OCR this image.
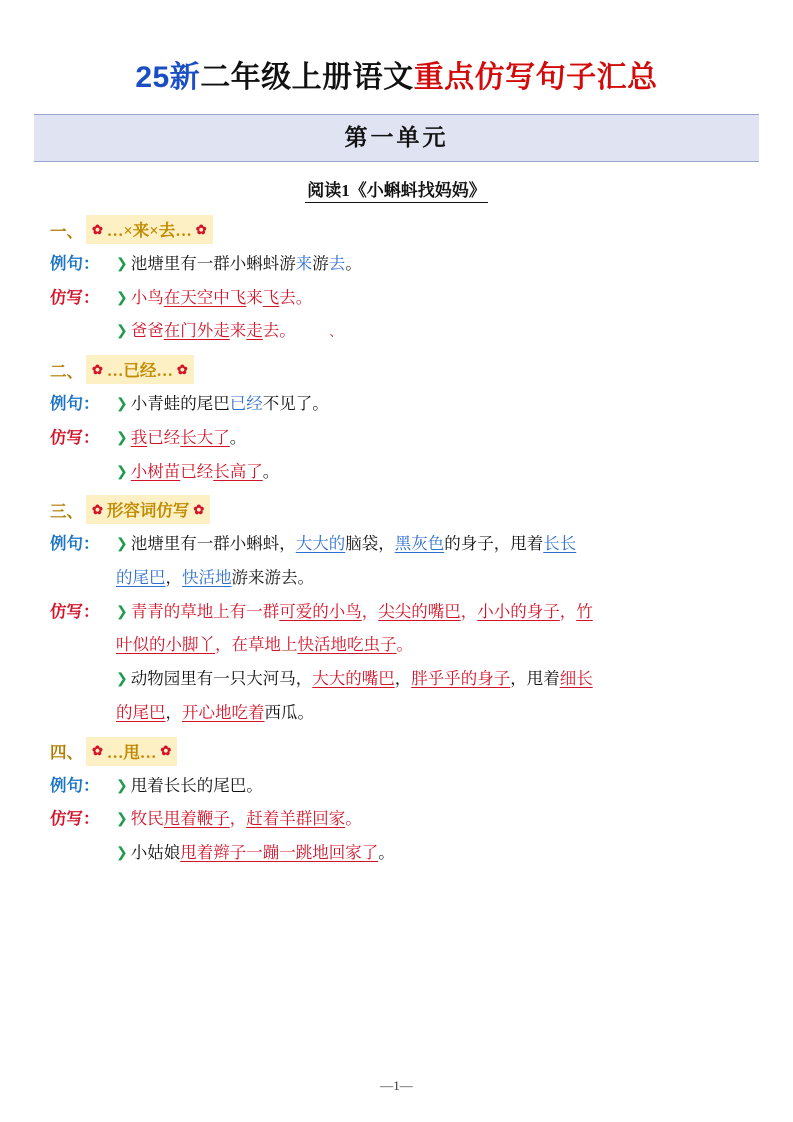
25新二年级上册语文重点仿写句子汇总
第一单元
阅读1《小蝌蚪找妈妈》
一、 ✿ …×来×去… ✿
例句：	❯ 池塘里有一群小蝌蚪游来游去。
仿写：	❯ 小鸟在天空中飞来飞去。
❯ 爸爸在门外走来走去。	、
二、 ✿ …已经… ✿
例句：	❯ 小青蛙的尾巴已经不见了。
仿写：	❯ 我已经长大了。
❯ 小树苗已经长高了。
三、 ✿ 形容词仿写 ✿
例句：	❯ 池塘里有一群小蝌蚪，大大的脑袋，黑灰色的身子，甩着长长
的尾巴，快活地游来游去。
仿写：	❯ 青青的草地上有一群可爱的小鸟，尖尖的嘴巴，小小的身子，竹
叶似的小脚丫，在草地上快活地吃虫子。
❯ 动物园里有一只大河马，大大的嘴巴，胖乎乎的身子，甩着细长
的尾巴，开心地吃着西瓜。
四、 ✿ …甩… ✿
例句：	❯ 甩着长长的尾巴。
仿写：	❯ 牧民甩着鞭子，赶着羊群回家。
❯ 小姑娘甩着辫子一蹦一跳地回家了。
—1—
